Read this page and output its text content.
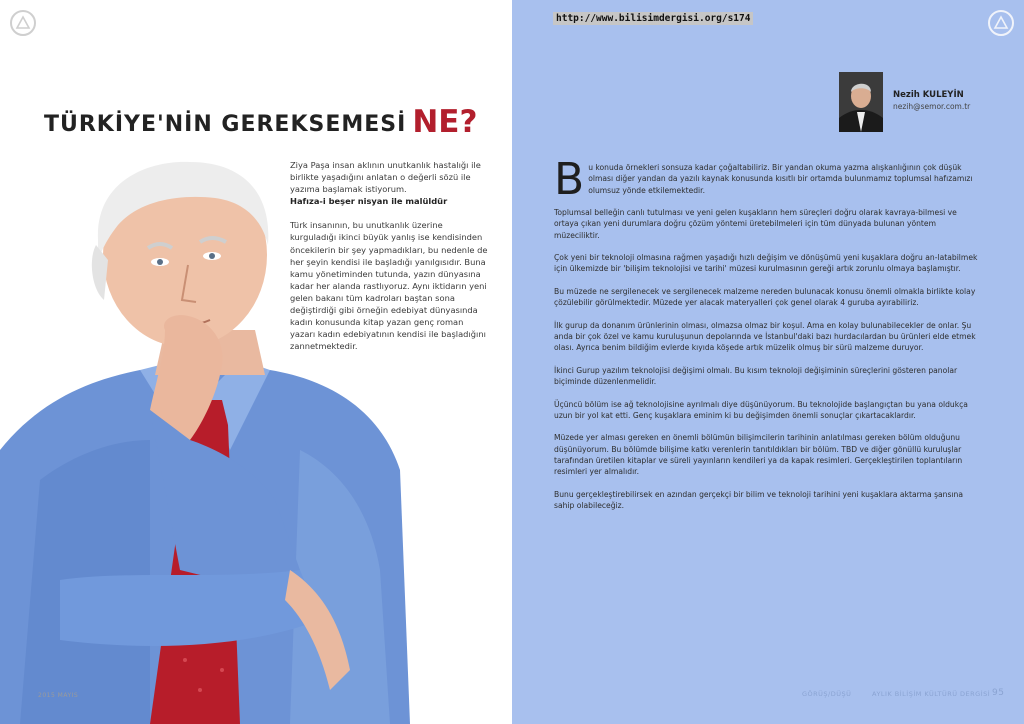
TÜRKİYE'NİN GEREKSEMESİ NE?

Ziya Paşa insan aklının unutkanlık hastalığı ile birlikte yaşadığını anlatan o değerli sözü ile yazıma başlamak istiyorum.

Hafıza-i beşer nisyan ile malüldür

Türk insanının, bu unutkanlık üzerine kurguladığı ikinci büyük yanlış ise kendisinden öncekilerin bir şey yapmadıkları, bu nedenle de her şeyin kendisi ile başladığı yanılgısıdır. Buna kamu yönetiminden tutunda, yazın dünyasına kadar her alanda rastlıyoruz. Aynı iktidarın yeni gelen bakanı tüm kadroları baştan sona değiştirdiği gibi örneğin edebiyat dünyasında kadın konusunda kitap yazan genç roman yazarı kadın edebiyatının kendisi ile başladığını zannetmektedir.

2015 MAYIS
http://www.bilisimdergisi.org/s174
Nezih KULEYİN
nezih@semor.com.tr

Bu konuda örnekleri sonsuza kadar çoğaltabiliriz. Bir yandan okuma yazma alışkanlığının çok düşük olması diğer yandan da yazılı kaynak konusunda kısıtlı bir ortamda bulunmamız toplumsal hafızamızı olumsuz yönde etkilemektedir.

Toplumsal belleğin canlı tutulması ve yeni gelen kuşakların hem süreçleri doğru olarak kavraya-bilmesi ve ortaya çıkan yeni durumlara doğru çözüm yöntemi üretebilmeleri için tüm dünyada bulunan yöntem müzeciliktir.

Çok yeni bir teknoloji olmasına rağmen yaşadığı hızlı değişim ve dönüşümü yeni kuşaklara doğru an-latabilmek için ülkemizde bir 'bilişim teknolojisi ve tarihi' müzesi kurulmasının gereği artık zorunlu olmaya başlamıştır.

Bu müzede ne sergilenecek ve sergilenecek malzeme nereden bulunacak konusu önemli olmakla birlikte kolay çözülebilir görülmektedir. Müzede yer alacak materyalleri çok genel olarak 4 guruba ayırabiliriz.

İlk gurup da donanım ürünlerinin olması, olmazsa olmaz bir koşul. Ama en kolay bulunabilecekler de onlar. Şu anda bir çok özel ve kamu kuruluşunun depolarında ve İstanbul'daki bazı hurdacılardan bu ürünleri elde etmek olası. Ayrıca benim bildiğim evlerde kıyıda köşede artık müzelik olmuş bir sürü malzeme duruyor.

İkinci Gurup yazılım teknolojisi değişimi olmalı. Bu kısım teknoloji değişiminin süreçlerini gösteren panolar biçiminde düzenlenmelidir.

Üçüncü bölüm ise ağ teknolojisine ayrılmalı diye düşünüyorum. Bu teknolojide başlangıçtan bu yana oldukça uzun bir yol kat etti. Genç kuşaklara eminim ki bu değişimden önemli sonuçlar çıkartacaklardır.

Müzede yer alması gereken en önemli bölümün bilişimcilerin tarihinin anlatılması gereken bölüm olduğunu düşünüyorum. Bu bölümde bilişime katkı verenlerin tanıtıldıkları bir bölüm. TBD ve diğer gönüllü kuruluşlar tarafından üretilen kitaplar ve süreli yayınların kendileri ya da kapak resimleri. Gerçekleştirilen toplantıların resimleri yer almalıdır.

Bunu gerçekleştirebilirsek en azından gerçekçi bir bilim ve teknoloji tarihini yeni kuşaklara aktarma şansına sahip olabileceğiz.

GÖRÜŞ/DÜŞÜ	AYLIK BİLİŞİM KÜLTÜRÜ DERGİSİ 95
